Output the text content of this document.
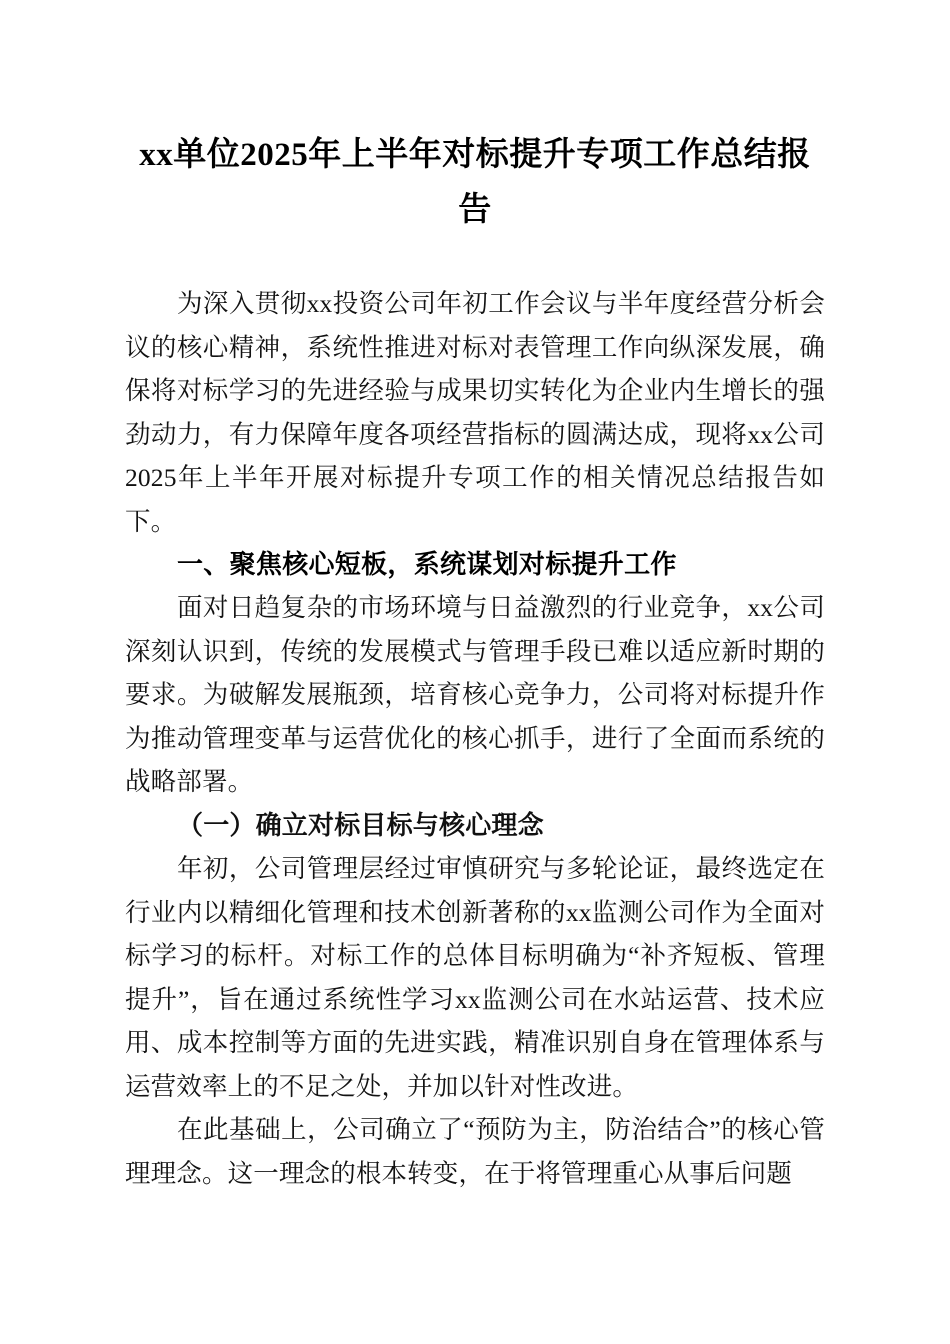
xx单位2025年上半年对标提升专项工作总结报告

为深入贯彻xx投资公司年初工作会议与半年度经营分析会议的核心精神，系统性推进对标对表管理工作向纵深发展，确保将对标学习的先进经验与成果切实转化为企业内生增长的强劲动力，有力保障年度各项经营指标的圆满达成，现将xx公司2025年上半年开展对标提升专项工作的相关情况总结报告如下。

一、聚焦核心短板，系统谋划对标提升工作

面对日趋复杂的市场环境与日益激烈的行业竞争，xx公司深刻认识到，传统的发展模式与管理手段已难以适应新时期的要求。为破解发展瓶颈，培育核心竞争力，公司将对标提升作为推动管理变革与运营优化的核心抓手，进行了全面而系统的战略部署。

（一）确立对标目标与核心理念

年初，公司管理层经过审慎研究与多轮论证，最终选定在行业内以精细化管理和技术创新著称的xx监测公司作为全面对标学习的标杆。对标工作的总体目标明确为“补齐短板、管理提升”，旨在通过系统性学习xx监测公司在水站运营、技术应用、成本控制等方面的先进实践，精准识别自身在管理体系与运营效率上的不足之处，并加以针对性改进。

在此基础上，公司确立了“预防为主，防治结合”的核心管理理念。这一理念的根本转变，在于将管理重心从事后问题
